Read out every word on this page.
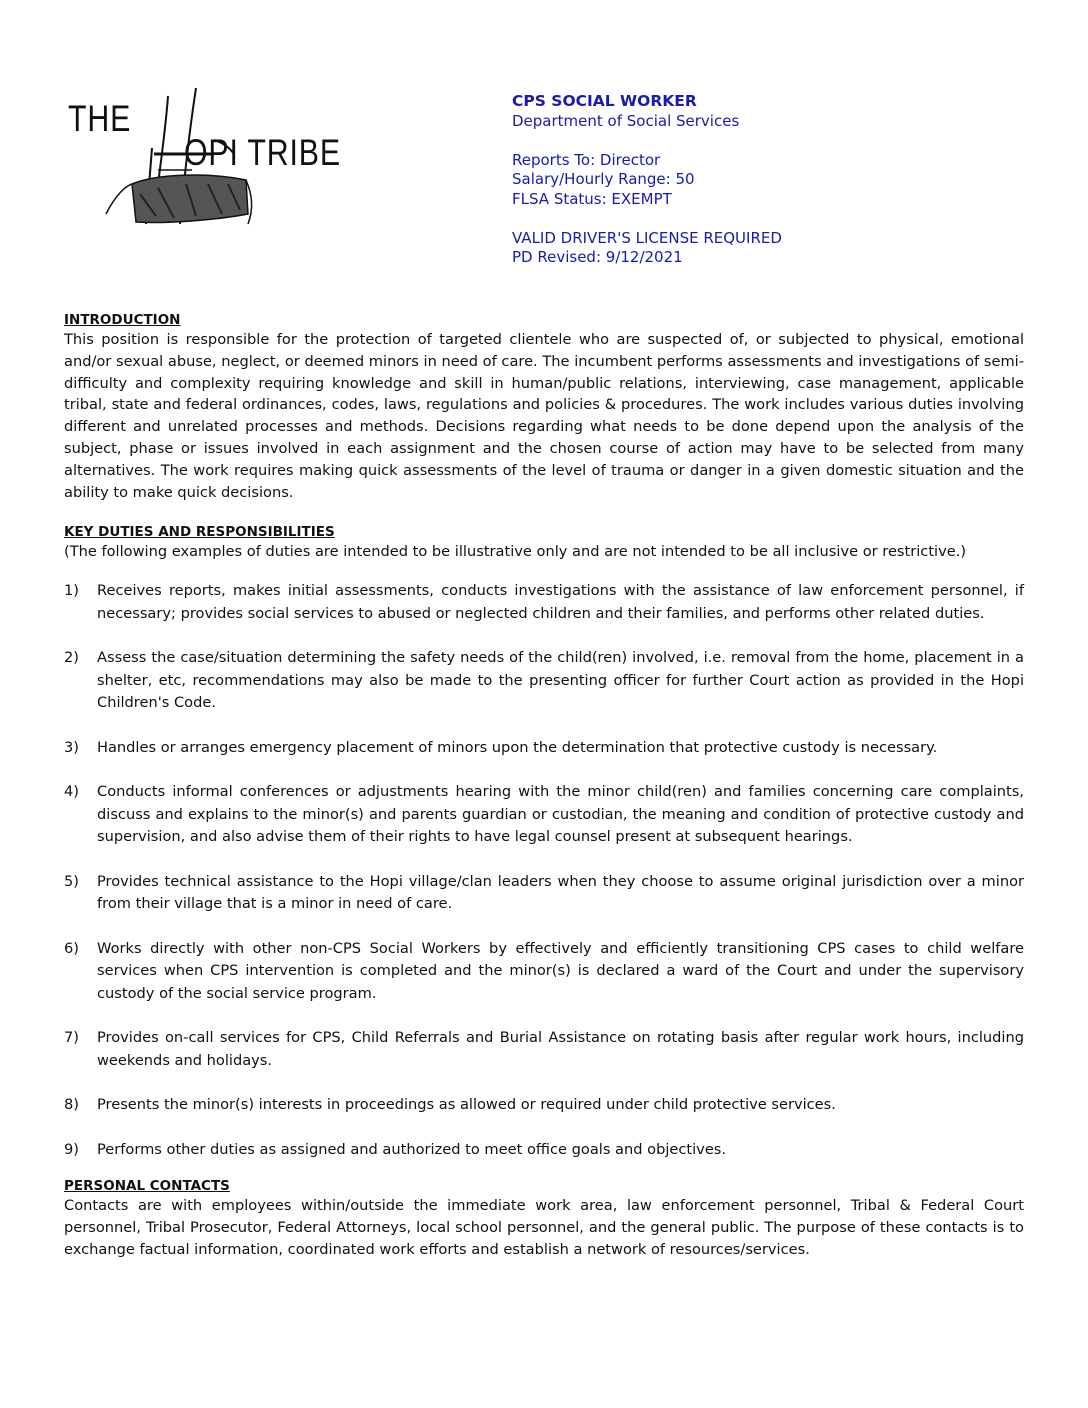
THE
OPI TRIBE
CPS SOCIAL WORKER
Department of Social Services
Reports To: Director
Salary/Hourly Range: 50
FLSA Status: EXEMPT
VALID DRIVER'S LICENSE REQUIRED
PD Revised: 9/12/2021
INTRODUCTION
This position is responsible for the protection of targeted clientele who are suspected of, or subjected to physical, emotional and/or sexual abuse, neglect, or deemed minors in need of care. The incumbent performs assessments and investigations of semi-difficulty and complexity requiring knowledge and skill in human/public relations, interviewing, case management, applicable tribal, state and federal ordinances, codes, laws, regulations and policies & procedures. The work includes various duties involving different and unrelated processes and methods. Decisions regarding what needs to be done depend upon the analysis of the subject, phase or issues involved in each assignment and the chosen course of action may have to be selected from many alternatives. The work requires making quick assessments of the level of trauma or danger in a given domestic situation and the ability to make quick decisions.
KEY DUTIES AND RESPONSIBILITIES
(The following examples of duties are intended to be illustrative only and are not intended to be all inclusive or restrictive.)
1)	Receives reports, makes initial assessments, conducts investigations with the assistance of law enforcement personnel, if necessary; provides social services to abused or neglected children and their families, and performs other related duties.
2)	Assess the case/situation determining the safety needs of the child(ren) involved, i.e. removal from the home, placement in a shelter, etc, recommendations may also be made to the presenting officer for further Court action as provided in the Hopi Children's Code.
3)	Handles or arranges emergency placement of minors upon the determination that protective custody is necessary.
4)	Conducts informal conferences or adjustments hearing with the minor child(ren) and families concerning care complaints, discuss and explains to the minor(s) and parents guardian or custodian, the meaning and condition of protective custody and supervision, and also advise them of their rights to have legal counsel present at subsequent hearings.
5)	Provides technical assistance to the Hopi village/clan leaders when they choose to assume original jurisdiction over a minor from their village that is a minor in need of care.
6)	Works directly with other non-CPS Social Workers by effectively and efficiently transitioning CPS cases to child welfare services when CPS intervention is completed and the minor(s) is declared a ward of the Court and under the supervisory custody of the social service program.
7)	Provides on-call services for CPS, Child Referrals and Burial Assistance on rotating basis after regular work hours, including weekends and holidays.
8)	Presents the minor(s) interests in proceedings as allowed or required under child protective services.
9)	Performs other duties as assigned and authorized to meet office goals and objectives.
PERSONAL CONTACTS
Contacts are with employees within/outside the immediate work area, law enforcement personnel, Tribal & Federal Court personnel, Tribal Prosecutor, Federal Attorneys, local school personnel, and the general public. The purpose of these contacts is to exchange factual information, coordinated work efforts and establish a network of resources/services.
